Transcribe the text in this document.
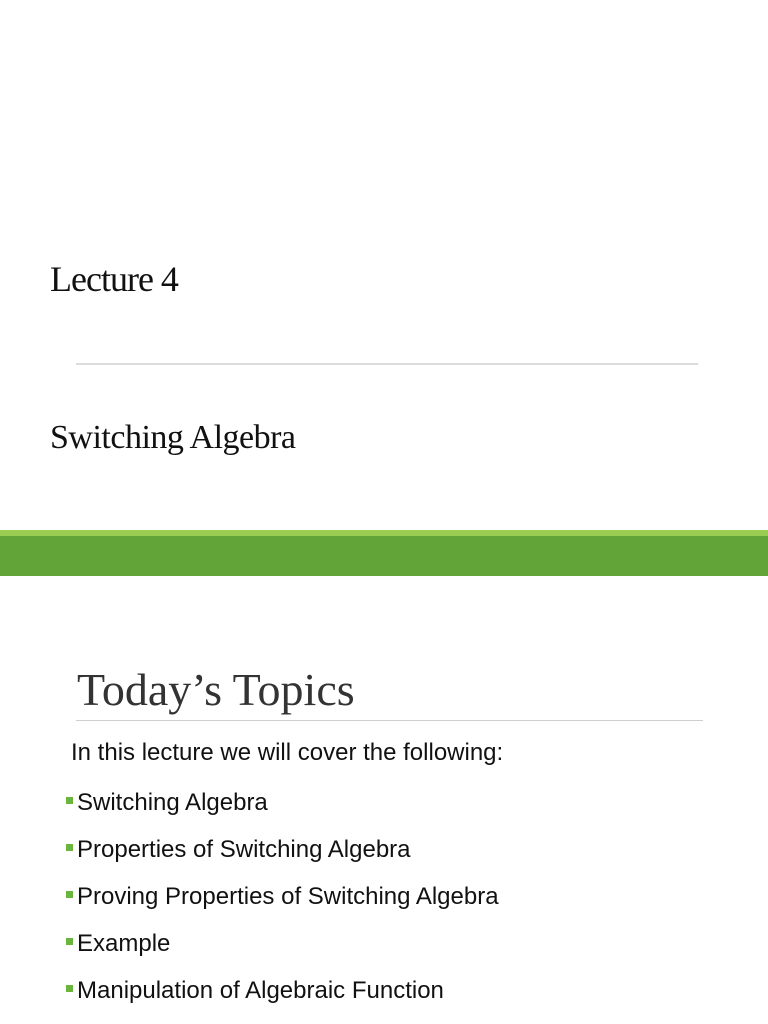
Lecture 4
Switching Algebra
Today’s Topics
In this lecture we will cover the following:
Switching Algebra
Properties of Switching Algebra
Proving Properties of Switching Algebra
Example
Manipulation of Algebraic Function
